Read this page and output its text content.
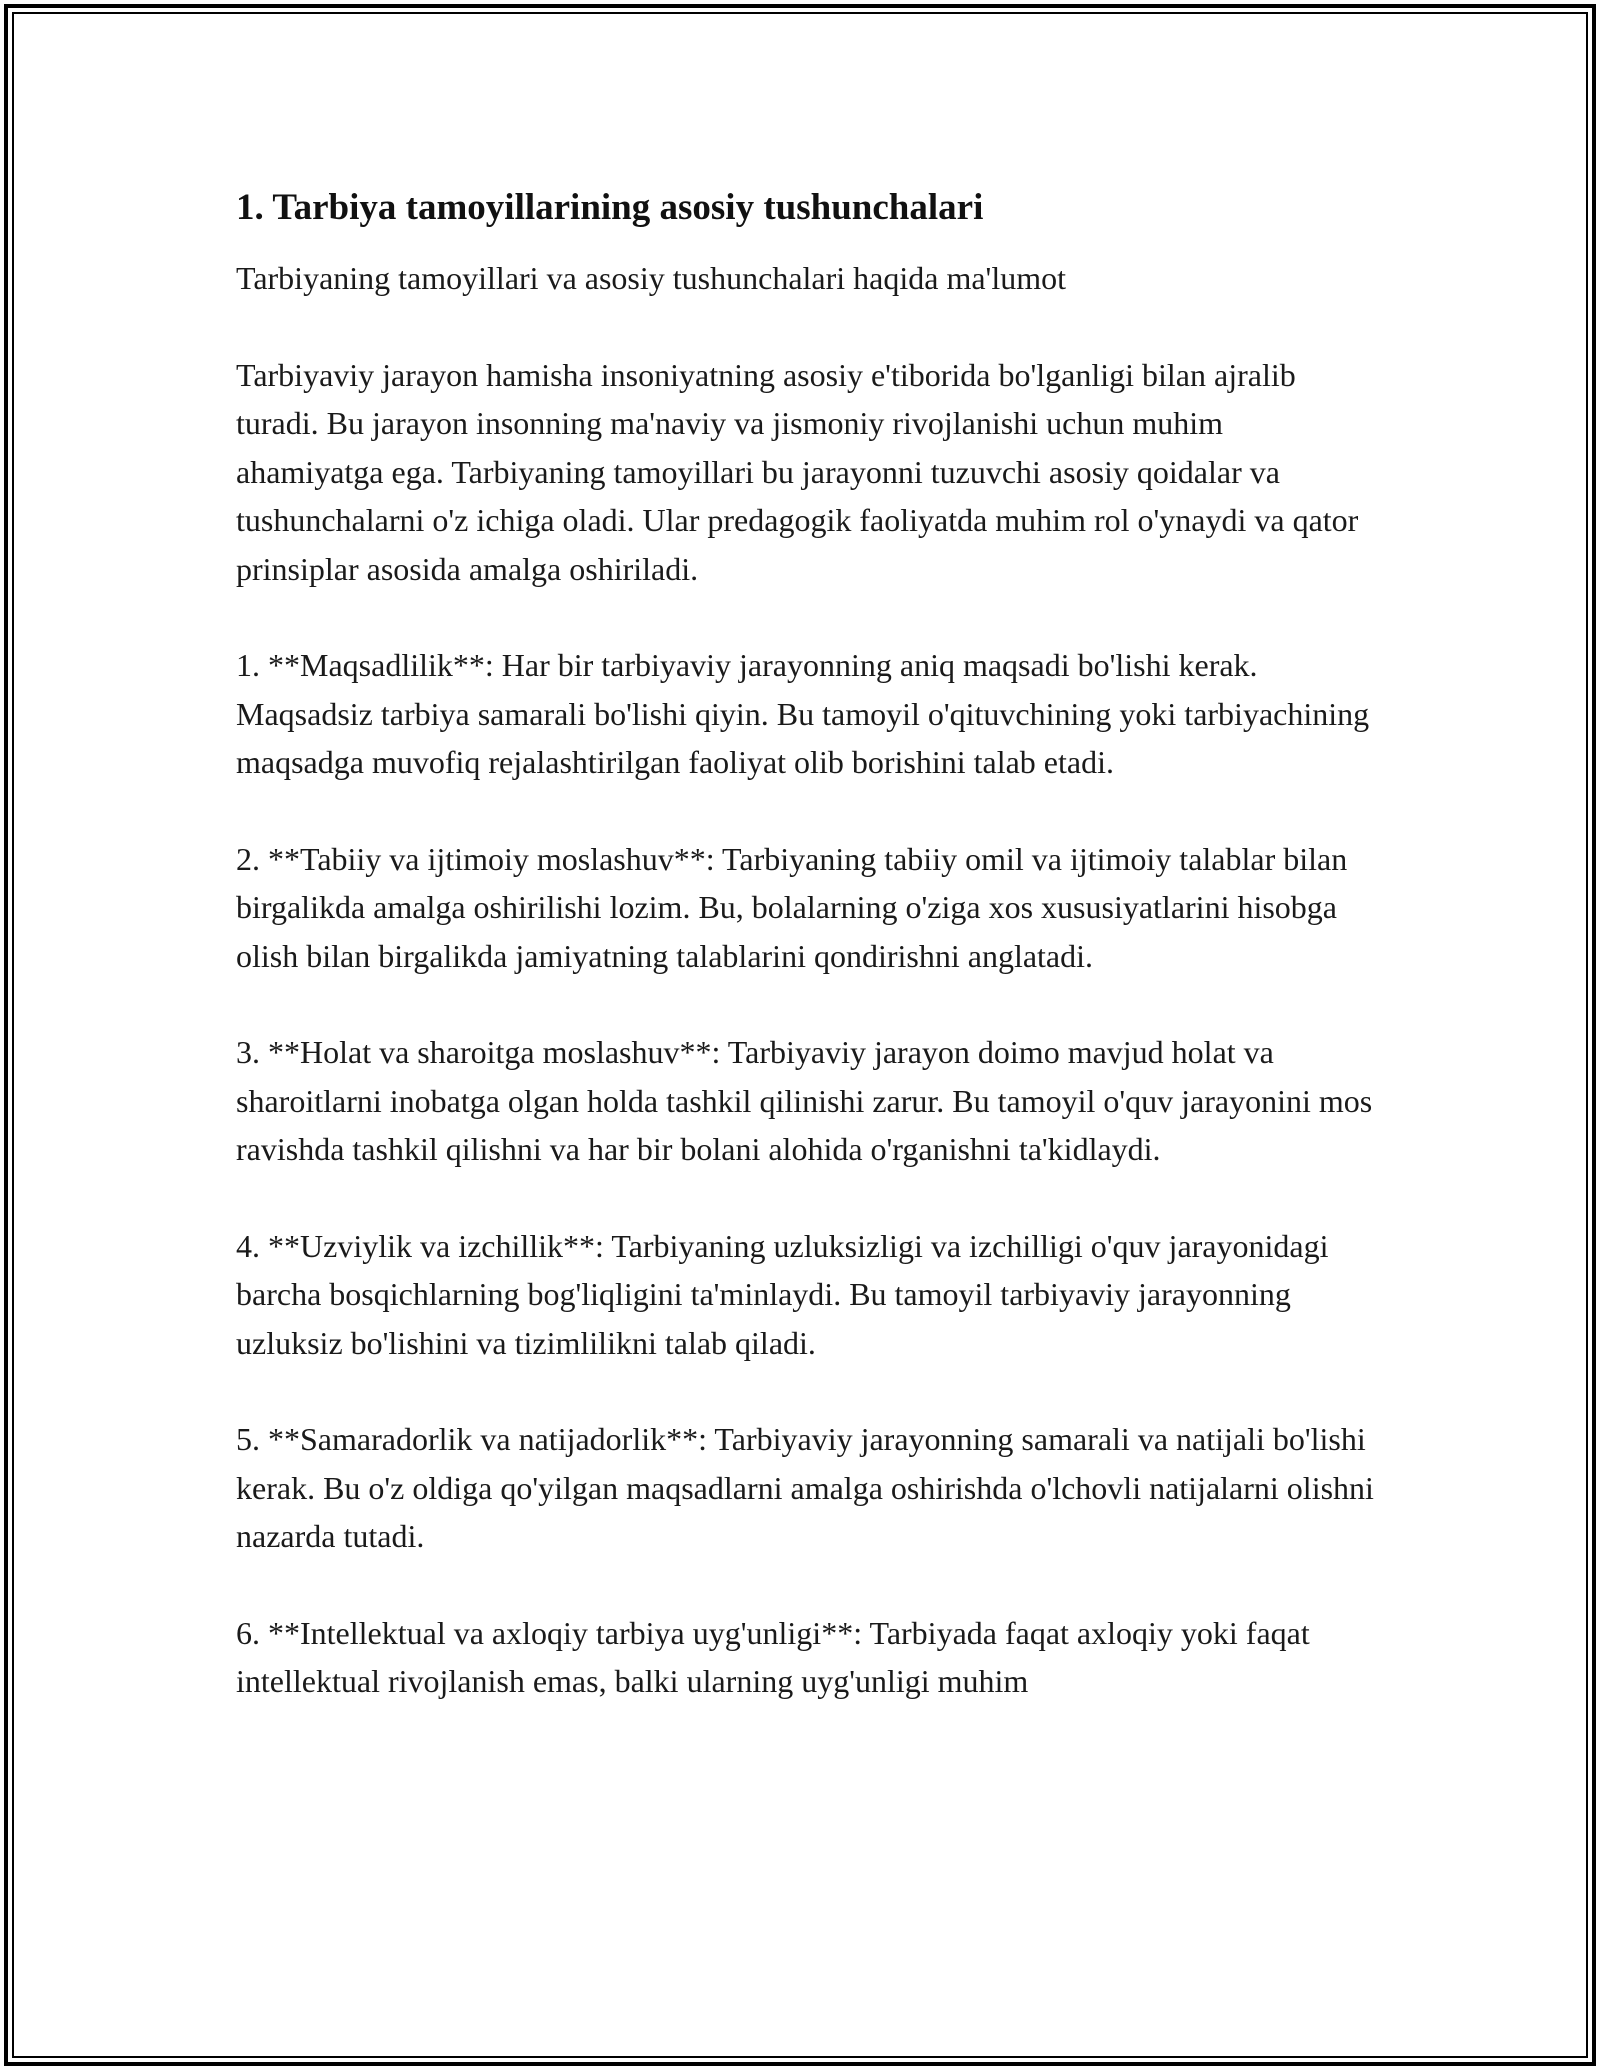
1. Tarbiya tamoyillarining asosiy tushunchalari

Tarbiyaning tamoyillari va asosiy tushunchalari haqida ma'lumot

Tarbiyaviy jarayon hamisha insoniyatning asosiy e'tiborida bo'lganligi bilan ajralib turadi. Bu jarayon insonning ma'naviy va jismoniy rivojlanishi uchun muhim ahamiyatga ega. Tarbiyaning tamoyillari bu jarayonni tuzuvchi asosiy qoidalar va tushunchalarni o'z ichiga oladi. Ular predagogik faoliyatda muhim rol o'ynaydi va qator prinsiplar asosida amalga oshiriladi.

1. **Maqsadlilik**: Har bir tarbiyaviy jarayonning aniq maqsadi bo'lishi kerak. Maqsadsiz tarbiya samarali bo'lishi qiyin. Bu tamoyil o'qituvchining yoki tarbiyachining maqsadga muvofiq rejalashtirilgan faoliyat olib borishini talab etadi.

2. **Tabiiy va ijtimoiy moslashuv**: Tarbiyaning tabiiy omil va ijtimoiy talablar bilan birgalikda amalga oshirilishi lozim. Bu, bolalarning o'ziga xos xususiyatlarini hisobga olish bilan birgalikda jamiyatning talablarini qondirishni anglatadi.

3. **Holat va sharoitga moslashuv**: Tarbiyaviy jarayon doimo mavjud holat va sharoitlarni inobatga olgan holda tashkil qilinishi zarur. Bu tamoyil o'quv jarayonini mos ravishda tashkil qilishni va har bir bolani alohida o'rganishni ta'kidlaydi.

4. **Uzviylik va izchillik**: Tarbiyaning uzluksizligi va izchilligi o'quv jarayonidagi barcha bosqichlarning bog'liqligini ta'minlaydi. Bu tamoyil tarbiyaviy jarayonning uzluksiz bo'lishini va tizimlilikni talab qiladi.

5. **Samaradorlik va natijadorlik**: Tarbiyaviy jarayonning samarali va natijali bo'lishi kerak. Bu o'z oldiga qo'yilgan maqsadlarni amalga oshirishda o'lchovli natijalarni olishni nazarda tutadi.

6. **Intellektual va axloqiy tarbiya uyg'unligi**: Tarbiyada faqat axloqiy yoki faqat intellektual rivojlanish emas, balki ularning uyg'unligi muhim
